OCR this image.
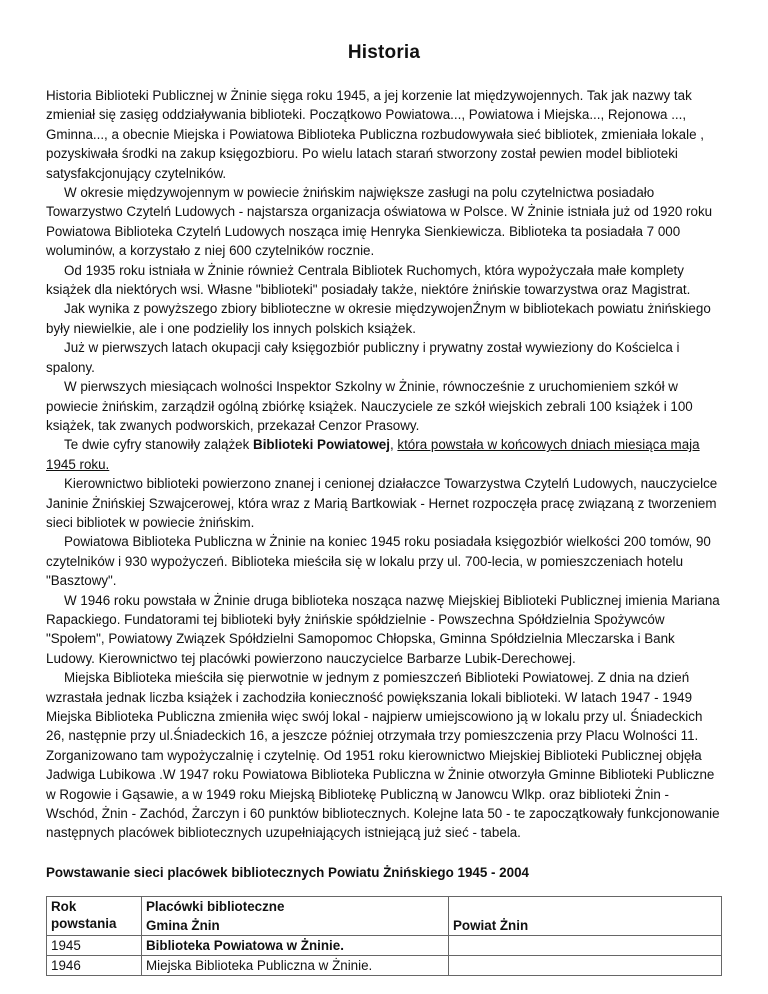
Historia

Historia Biblioteki Publicznej w Żninie sięga roku 1945, a jej korzenie lat międzywojennych. Tak jak nazwy tak zmieniał się zasięg oddziaływania biblioteki. Początkowo Powiatowa..., Powiatowa i Miejska..., Rejonowa ..., Gminna..., a obecnie Miejska i Powiatowa Biblioteka Publiczna rozbudowywała sieć bibliotek, zmieniała lokale , pozyskiwała środki na zakup księgozbioru. Po wielu latach starań stworzony został pewien model biblioteki satysfakcjonujący czytelników.

W okresie międzywojennym w powiecie żnińskim największe zasługi na polu czytelnictwa posiadało Towarzystwo Czytelń Ludowych - najstarsza organizacja oświatowa w Polsce. W Żninie istniała już od 1920 roku Powiatowa Biblioteka Czytelń Ludowych nosząca imię Henryka Sienkiewicza. Biblioteka ta posiadała 7 000 woluminów, a korzystało z niej 600 czytelników rocznie.

Od 1935 roku istniała w Żninie również Centrala Bibliotek Ruchomych, która wypożyczała małe komplety książek dla niektórych wsi. Własne "biblioteki" posiadały także, niektóre żnińskie towarzystwa oraz Magistrat.

Jak wynika z powyższego zbiory biblioteczne w okresie międzywojenŹnym w bibliotekach powiatu żnińskiego były niewielkie, ale i one podzieliły los innych polskich książek.

Już w pierwszych latach okupacji cały księgozbiór publiczny i prywatny został wywieziony do Kościelca i spalony.

W pierwszych miesiącach wolności Inspektor Szkolny w Żninie, równocześnie z uruchomieniem szkół w powiecie żnińskim, zarządził ogólną zbiórkę książek. Nauczyciele ze szkół wiejskich zebrali 100 książek i 100 książek, tak zwanych podworskich, przekazał Cenzor Prasowy.

Te dwie cyfry stanowiły zalążek Biblioteki Powiatowej, która powstała w końcowych dniach miesiąca maja 1945 roku.

Kierownictwo biblioteki powierzono znanej i cenionej działaczce Towarzystwa Czytelń Ludowych, nauczycielce Janinie Żnińskiej Szwajcerowej, która wraz z Marią Bartkowiak - Hernet rozpoczęła pracę związaną z tworzeniem sieci bibliotek w powiecie żnińskim.

Powiatowa Biblioteka Publiczna w Żninie na koniec 1945 roku posiadała księgozbiór wielkości 200 tomów, 90 czytelników i 930 wypożyczeń. Biblioteka mieściła się w lokalu przy ul. 700-lecia, w pomieszczeniach hotelu "Basztowy".

W 1946 roku powstała w Żninie druga biblioteka nosząca nazwę Miejskiej Biblioteki Publicznej imienia Mariana Rapackiego. Fundatorami tej biblioteki były żnińskie spółdzielnie - Powszechna Spółdzielnia Spożywców "Społem", Powiatowy Związek Spółdzielni Samopomoc Chłopska, Gminna Spółdzielnia Mleczarska i Bank Ludowy. Kierownictwo tej placówki powierzono nauczycielce Barbarze Lubik-Derechowej.

Miejska Biblioteka mieściła się pierwotnie w jednym z pomieszczeń Biblioteki Powiatowej. Z dnia na dzień wzrastała jednak liczba książek i zachodziła konieczność powiększania lokali biblioteki. W latach 1947 - 1949 Miejska Biblioteka Publiczna zmieniła więc swój lokal - najpierw umiejscowiono ją w lokalu przy ul. Śniadeckich 26, następnie przy ul.Śniadeckich 16, a jeszcze później otrzymała trzy pomieszczenia przy Placu Wolności 11. Zorganizowano tam wypożyczalnię i czytelnię. Od 1951 roku kierownictwo Miejskiej Biblioteki Publicznej objęła Jadwiga Lubikowa .W 1947 roku Powiatowa Biblioteka Publiczna w Żninie otworzyła Gminne Biblioteki Publiczne w Rogowie i Gąsawie, a w 1949 roku Miejską Bibliotekę Publiczną w Janowcu Wlkp. oraz biblioteki Żnin - Wschód, Żnin - Zachód, Żarczyn i 60 punktów bibliotecznych. Kolejne lata 50 - te zapoczątkowały funkcjonowanie następnych placówek bibliotecznych uzupełniających istniejącą już sieć - tabela.

Powstawanie sieci placówek bibliotecznych Powiatu Żnińskiego 1945 - 2004
Rok powstania	Placówki biblioteczne	
	Gmina Żnin	Powiat Żnin
1945	Biblioteka Powiatowa w Żninie.	
1946	Miejska Biblioteka Publiczna w Żninie.	
